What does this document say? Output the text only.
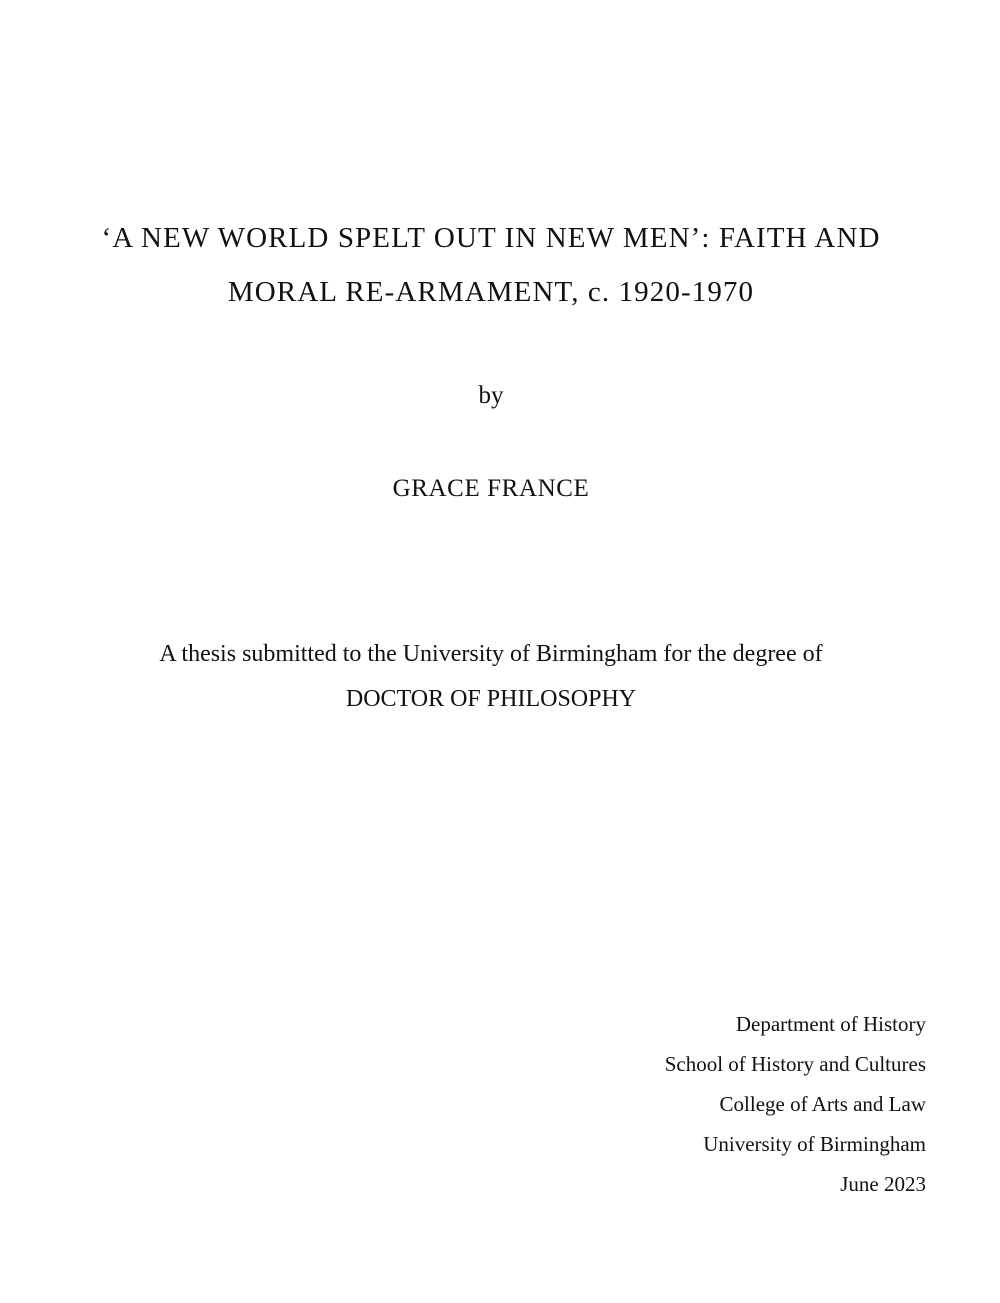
‘A NEW WORLD SPELT OUT IN NEW MEN’: FAITH AND
MORAL RE-ARMAMENT, c. 1920-1970
by
GRACE FRANCE
A thesis submitted to the University of Birmingham for the degree of
DOCTOR OF PHILOSOPHY
Department of History
School of History and Cultures
College of Arts and Law
University of Birmingham
June 2023
